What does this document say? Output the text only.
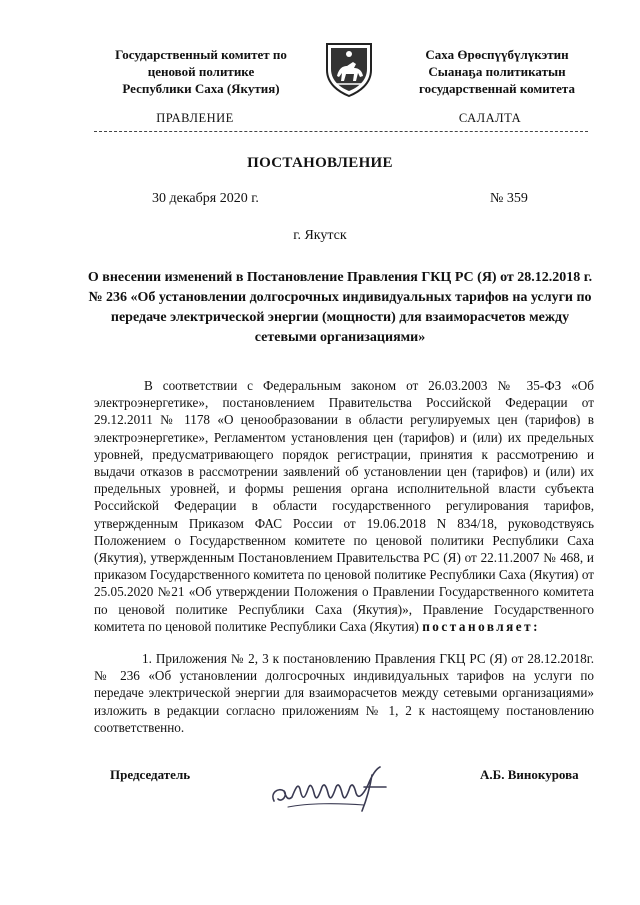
Государственный комитет по
ценовой политике
Республики Саха (Якутия)
Саха Өрөспүүбүлүкэтин
Сыанаҕа политикатын
государственнай комитета
ПРАВЛЕНИЕ	САЛАЛТА
ПОСТАНОВЛЕНИЕ
30 декабря 2020 г.	№ 359
г. Якутск
О внесении изменений в Постановление Правления ГКЦ РС (Я) от 28.12.2018 г. № 236 «Об установлении долгосрочных индивидуальных тарифов на услуги по передаче электрической энергии (мощности) для взаиморасчетов между сетевыми организациями»

В соответствии с Федеральным законом от 26.03.2003 № 35-ФЗ «Об электроэнергетике», постановлением Правительства Российской Федерации от 29.12.2011 № 1178 «О ценообразовании в области регулируемых цен (тарифов) в электроэнергетике», Регламентом установления цен (тарифов) и (или) их предельных уровней, предусматривающего порядок регистрации, принятия к рассмотрению и выдачи отказов в рассмотрении заявлений об установлении цен (тарифов) и (или) их предельных уровней, и формы решения органа исполнительной власти субъекта Российской Федерации в области государственного регулирования тарифов, утвержденным Приказом ФАС России от 19.06.2018 N 834/18, руководствуясь Положением о Государственном комитете по ценовой политики Республики Саха (Якутия), утвержденным Постановлением Правительства РС (Я) от 22.11.2007 № 468, и приказом Государственного комитета по ценовой политике Республики Саха (Якутия) от 25.05.2020 №21 «Об утверждении Положения о Правлении Государственного комитета по ценовой политике Республики Саха (Якутия)», Правление Государственного комитета по ценовой политике Республики Саха (Якутия) постановляет:

1. Приложения № 2, 3 к постановлению Правления ГКЦ РС (Я) от 28.12.2018г. № 236 «Об установлении долгосрочных индивидуальных тарифов на услуги по передаче электрической энергии для взаиморасчетов между сетевыми организациями» изложить в редакции согласно приложениям № 1, 2 к настоящему постановлению соответственно.

Председатель	А.Б. Винокурова
